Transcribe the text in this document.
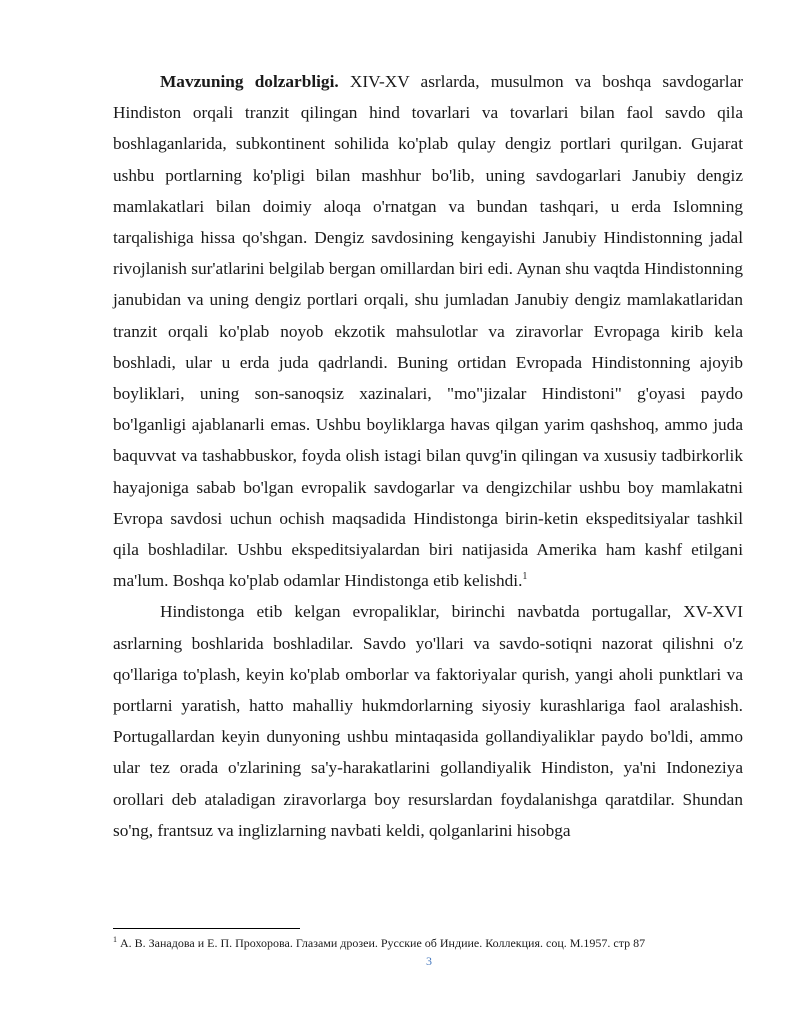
Mavzuning dolzarbligi. XIV-XV asrlarda, musulmon va boshqa savdogarlar Hindiston orqali tranzit qilingan hind tovarlari va tovarlari bilan faol savdo qila boshlaganlarida, subkontinent sohilida ko'plab qulay dengiz portlari qurilgan. Gujarat ushbu portlarning ko'pligi bilan mashhur bo'lib, uning savdogarlari Janubiy dengiz mamlakatlari bilan doimiy aloqa o'rnatgan va bundan tashqari, u erda Islomning tarqalishiga hissa qo'shgan. Dengiz savdosining kengayishi Janubiy Hindistonning jadal rivojlanish sur'atlarini belgilab bergan omillardan biri edi. Aynan shu vaqtda Hindistonning janubidan va uning dengiz portlari orqali, shu jumladan Janubiy dengiz mamlakatlaridan tranzit orqali ko'plab noyob ekzotik mahsulotlar va ziravorlar Evropaga kirib kela boshladi, ular u erda juda qadrlandi. Buning ortidan Evropada Hindistonning ajoyib boyliklari, uning son-sanoqsiz xazinalari, "mo"jizalar Hindistoni" g'oyasi paydo bo'lganligi ajablanarli emas. Ushbu boyliklarga havas qilgan yarim qashshoq, ammo juda baquvvat va tashabbuskor, foyda olish istagi bilan quvg'in qilingan va xususiy tadbirkorlik hayajoniga sabab bo'lgan evropalik savdogarlar va dengizchilar ushbu boy mamlakatni Evropa savdosi uchun ochish maqsadida Hindistonga birin-ketin ekspeditsiyalar tashkil qila boshladilar. Ushbu ekspeditsiyalardan biri natijasida Amerika ham kashf etilgani ma'lum. Boshqa ko'plab odamlar Hindistonga etib kelishdi.$^1$

Hindistonga etib kelgan evropaliklar, birinchi navbatda portugallar, XV-XVI asrlarning boshlarida boshladilar. Savdo yo'llari va savdo-sotiqni nazorat qilishni o'z qo'llariga to'plash, keyin ko'plab omborlar va faktoriyalar qurish, yangi aholi punktlari va portlarni yaratish, hatto mahalliy hukmdorlarning siyosiy kurashlariga faol aralashish. Portugallardan keyin dunyoning ushbu mintaqasida gollandiyaliklar paydo bo'ldi, ammo ular tez orada o'zlarining sa'y-harakatlarini gollandiyalik Hindiston, ya'ni Indoneziya orollari deb ataladigan ziravorlarga boy resurslardan foydalanishga qaratdilar. Shundan so'ng, frantsuz va inglizlarning navbati keldi, qolganlarini hisobga

$^1$ А. В. Занадова и Е. П. Прохорова. Глазами дрозеи. Русские об Индиие. Коллекция. соц. М.1957. стр 87
3
